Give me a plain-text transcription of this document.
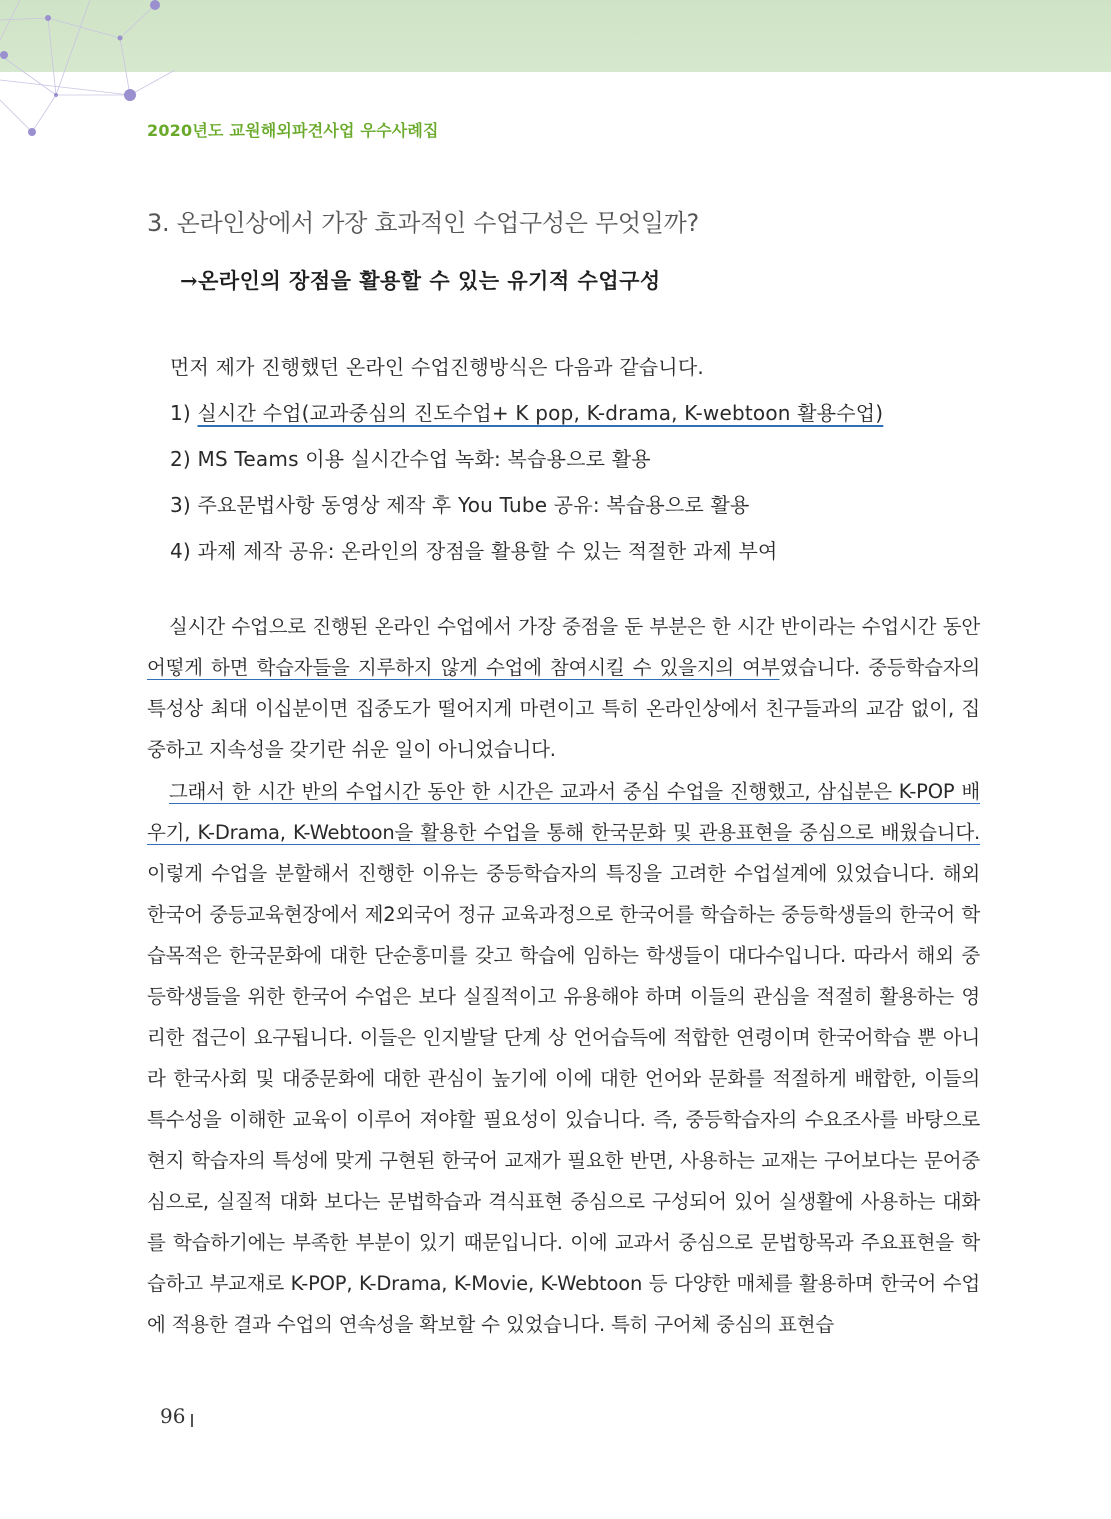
2020년도 교원해외파견사업 우수사례집
3. 온라인상에서 가장 효과적인 수업구성은 무엇일까?
→온라인의 장점을 활용할 수 있는 유기적 수업구성
먼저 제가 진행했던 온라인 수업진행방식은 다음과 같습니다.
1) 실시간 수업(교과중심의 진도수업+ K pop, K-drama, K-webtoon 활용수업)
2) MS Teams 이용 실시간수업 녹화: 복습용으로 활용
3) 주요문법사항 동영상 제작 후 You Tube 공유: 복습용으로 활용
4) 과제 제작 공유: 온라인의 장점을 활용할 수 있는 적절한 과제 부여
실시간 수업으로 진행된 온라인 수업에서 가장 중점을 둔 부분은 한 시간 반이라는 수업시간 동안 어떻게 하면 학습자들을 지루하지 않게 수업에 참여시킬 수 있을지의 여부였습니다. 중등학습자의 특성상 최대 이십분이면 집중도가 떨어지게 마련이고 특히 온라인상에서 친구들과의 교감 없이, 집중하고 지속성을 갖기란 쉬운 일이 아니었습니다.
그래서 한 시간 반의 수업시간 동안 한 시간은 교과서 중심 수업을 진행했고, 삼십분은 K-POP 배우기, K-Drama, K-Webtoon을 활용한 수업을 통해 한국문화 및 관용표현을 중심으로 배웠습니다. 이렇게 수업을 분할해서 진행한 이유는 중등학습자의 특징을 고려한 수업설계에 있었습니다. 해외 한국어 중등교육현장에서 제2외국어 정규 교육과정으로 한국어를 학습하는 중등학생들의 한국어 학습목적은 한국문화에 대한 단순흥미를 갖고 학습에 임하는 학생들이 대다수입니다. 따라서 해외 중등학생들을 위한 한국어 수업은 보다 실질적이고 유용해야 하며 이들의 관심을 적절히 활용하는 영리한 접근이 요구됩니다. 이들은 인지발달 단계 상 언어습득에 적합한 연령이며 한국어학습 뿐 아니라 한국사회 및 대중문화에 대한 관심이 높기에 이에 대한 언어와 문화를 적절하게 배합한, 이들의 특수성을 이해한 교육이 이루어 져야할 필요성이 있습니다. 즉, 중등학습자의 수요조사를 바탕으로 현지 학습자의 특성에 맞게 구현된 한국어 교재가 필요한 반면, 사용하는 교재는 구어보다는 문어중심으로, 실질적 대화 보다는 문법학습과 격식표현 중심으로 구성되어 있어 실생활에 사용하는 대화를 학습하기에는 부족한 부분이 있기 때문입니다. 이에 교과서 중심으로 문법항목과 주요표현을 학습하고 부교재로 K-POP, K-Drama, K-Movie, K-Webtoon 등 다양한 매체를 활용하며 한국어 수업에 적용한 결과 수업의 연속성을 확보할 수 있었습니다. 특히 구어체 중심의 표현습
96
